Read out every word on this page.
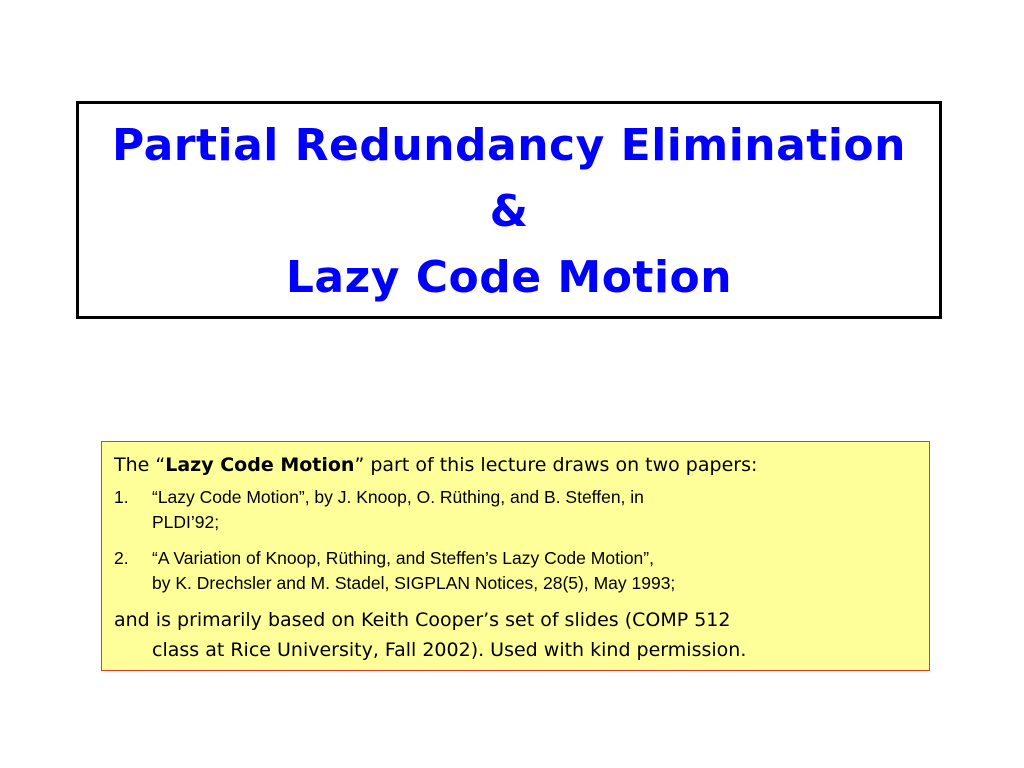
Partial Redundancy Elimination
&
Lazy Code Motion
The “Lazy Code Motion” part of this lecture draws on two papers:
1. “Lazy Code Motion”, by J. Knoop, O. Rüthing, and B. Steffen, in
PLDI’92;
2. “A Variation of Knoop, Rüthing, and Steffen’s Lazy Code Motion”,
by K. Drechsler and M. Stadel, SIGPLAN Notices, 28(5), May 1993;
and is primarily based on Keith Cooper’s set of slides (COMP 512
class at Rice University, Fall 2002). Used with kind permission.
